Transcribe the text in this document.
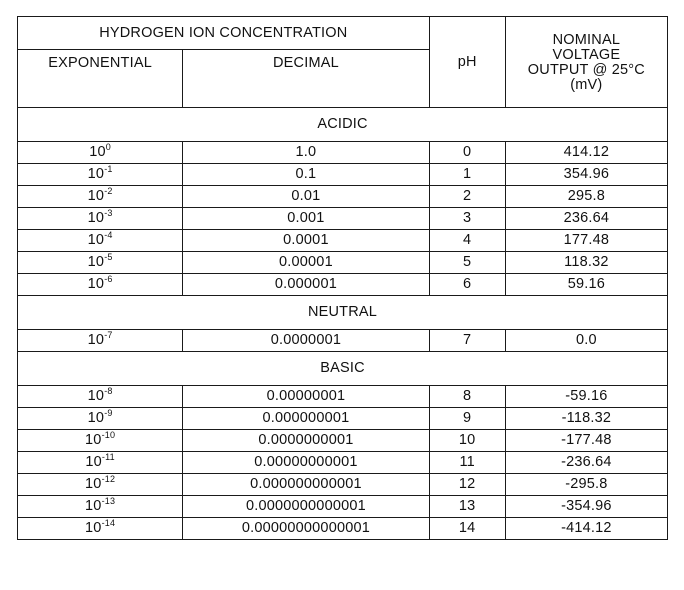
HYDROGEN ION CONCENTRATION		pH	NOMINAL
VOLTAGE
OUTPUT @ 25°C
(mV)

EXPONENTIAL	DECIMAL		

ACIDIC			
$10^0$	1.0	0	414.12
$10^{-1}$	0.1	1	354.96
$10^{-2}$	0.01	2	295.8
$10^{-3}$	0.001	3	236.64
$10^{-4}$	0.0001	4	177.48
$10^{-5}$	0.00001	5	118.32
$10^{-6}$	0.000001	6	59.16
NEUTRAL			
$10^{-7}$	0.0000001	7	0.0
BASIC			
$10^{-8}$	0.00000001	8	-59.16
$10^{-9}$	0.000000001	9	-118.32
$10^{-10}$	0.0000000001	10	-177.48
$10^{-11}$	0.00000000001	11	-236.64
$10^{-12}$	0.000000000001	12	-295.8
$10^{-13}$	0.0000000000001	13	-354.96
$10^{-14}$	0.00000000000001	14	-414.12
